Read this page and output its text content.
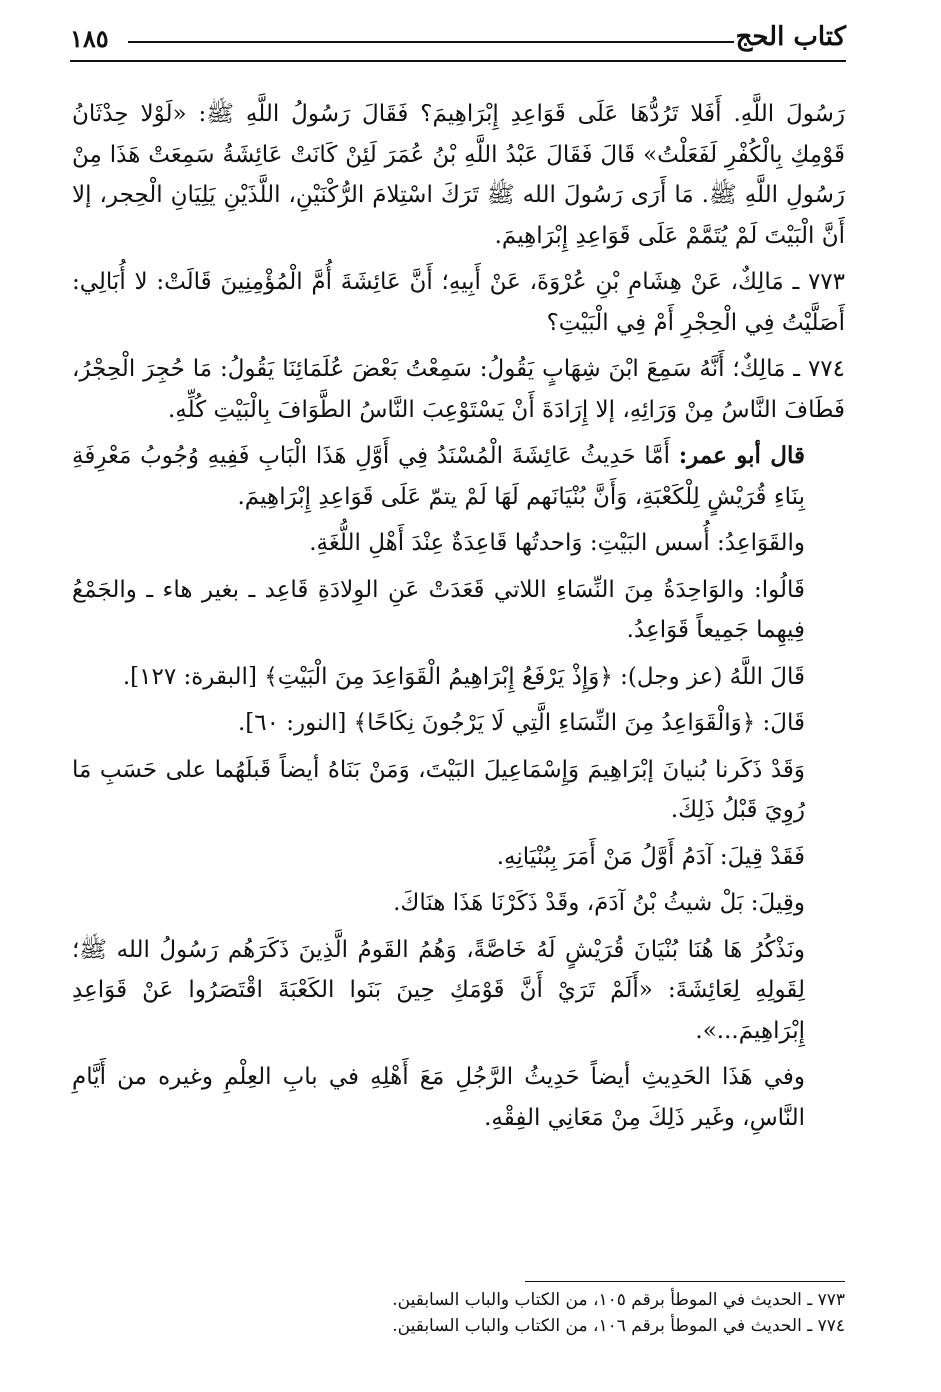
كتاب الحج
١٨٥

رَسُولَ اللَّهِ. أَفَلا تَرُدُّهَا عَلَى قَوَاعِدِ إِبْرَاهِيمَ؟ فَقَالَ رَسُولُ اللَّهِ ﷺ: «لَوْلا حِدْثَانُ قَوْمِكِ بِالْكُفْرِ لَفَعَلْتُ» قَالَ فَقَالَ عَبْدُ اللَّهِ بْنُ عُمَرَ لَئِنْ كَانَتْ عَائِشَةُ سَمِعَتْ هَذَا مِنْ رَسُولِ اللَّهِ ﷺ. مَا أَرَى رَسُولَ الله ﷺ تَرَكَ اسْتِلامَ الرُّكْنَيْنِ، اللَّذَيْنِ يَلِيَانِ الْحِجر، إلا أَنَّ الْبَيْتَ لَمْ يُتَمَّمْ عَلَى قَوَاعِدِ إِبْرَاهِيمَ.

٧٧٣ ـ مَالِكٌ، عَنْ هِشَامِ بْنِ عُرْوَةَ، عَنْ أَبِيهِ؛ أَنَّ عَائِشَةَ أُمَّ الْمُؤْمِنِينَ قَالَتْ: لا أُبَالِي: أَصَلَّيْتُ فِي الْحِجْرِ أَمْ فِي الْبَيْتِ؟

٧٧٤ ـ مَالِكٌ؛ أَنَّهُ سَمِعَ ابْنَ شِهَابٍ يَقُولُ: سَمِعْتُ بَعْضَ عُلَمَائِنَا يَقُولُ: مَا حُجِرَ الْحِجْرُ، فَطَافَ النَّاسُ مِنْ وَرَائِهِ، إلا إِرَادَةَ أَنْ يَسْتَوْعِبَ النَّاسُ الطَّوَافَ بِالْبَيْتِ كُلِّهِ.

قال أبو عمر: أَمَّا حَدِيثُ عَائِشَةَ الْمُسْنَدُ فِي أَوَّلِ هَذَا الْبَابِ فَفِيهِ وُجُوبُ مَعْرِفَةِ بِنَاءِ قُرَيْشٍ لِلْكَعْبَةِ، وَأَنَّ بُنْيَانَهم لَهَا لَمْ يتمّ عَلَى قَوَاعِدِ إِبْرَاهِيمَ.

والقَوَاعِدُ: أُسس البَيْتِ: وَاحدتُها قَاعِدَةٌ عِنْدَ أَهْلِ اللُّغَةِ.

قَالُوا: والوَاحِدَةُ مِنَ النِّسَاءِ اللاتي قَعَدَتْ عَنِ الوِلادَةِ قَاعِد ـ بغير هاء ـ والجَمْعُ فِيهِما جَمِيعاً قَوَاعِدُ.

قَالَ اللَّهُ (عز وجل): ﴿وَإِذْ يَرْفَعُ إِبْرَاهِيمُ الْقَوَاعِدَ مِنَ الْبَيْتِ﴾ [البقرة: ١٢٧].

قَالَ: ﴿وَالْقَوَاعِدُ مِنَ النِّسَاءِ الَّتِي لَا يَرْجُونَ نِكَاحًا﴾ [النور: ٦٠].

وَقَدْ ذَكَرنا بُنيانَ إبْرَاهِيمَ وَإِسْمَاعِيلَ البَيْتَ، وَمَنْ بَنَاهُ أيضاً قَبلَهُما على حَسَبِ مَا رُوِيَ قَبْلُ ذَلِكَ.

فَقَدْ قِيلَ: آدَمُ أَوَّلُ مَنْ أَمَرَ بِبُنْيَانِهِ.

وقِيلَ: بَلْ شيثُ بْنُ آدَمَ، وقَدْ ذَكَرْنَا هَذَا هنَاكَ.

ونَذْكُرُ هَا هُنَا بُنْيَانَ قُرَيْشٍ لَهُ خَاصَّةً، وَهُمُ القَومُ الَّذِينَ ذَكَرَهُم رَسُولُ الله ﷺ؛ لِقَولِهِ لِعَائِشَةَ: «أَلَمْ تَرَيْ أَنَّ قَوْمَكِ حِينَ بَنَوا الكَعْبَةَ اقْتَصَرُوا عَنْ قَوَاعِدِ إِبْرَاهِيمَ...».

وفي هَذَا الحَدِيثِ أيضاً حَدِيثُ الرَّجُلِ مَعَ أَهْلِهِ في بابِ العِلْمِ وغيره من أَيَّامِ النَّاسِ، وغَير ذَلِكَ مِنْ مَعَانِي الفِقْهِ.

٧٧٣ ـ الحديث في الموطأ برقم ١٠٥، من الكتاب والباب السابقين.

٧٧٤ ـ الحديث في الموطأ برقم ١٠٦، من الكتاب والباب السابقين.
